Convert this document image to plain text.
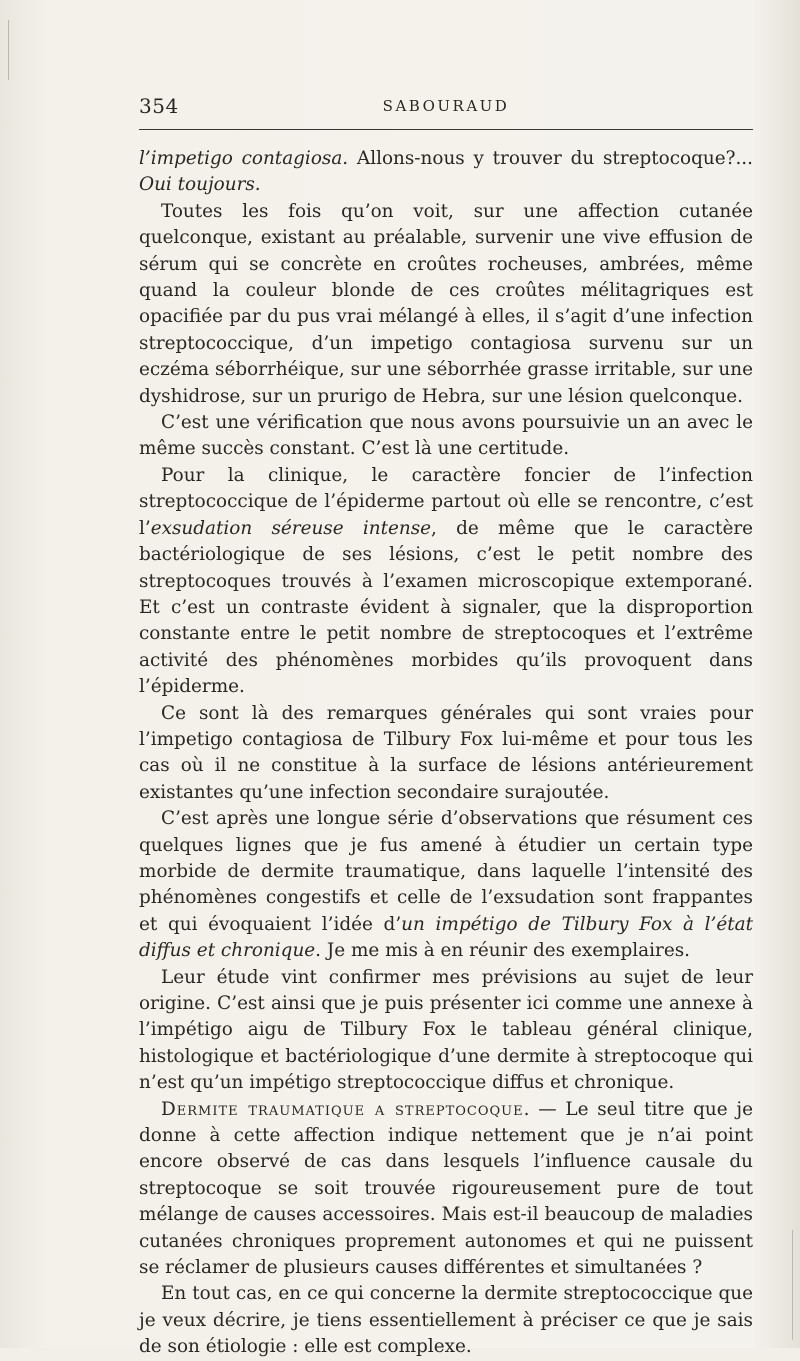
354	SABOURAUD

l’impetigo contagiosa. Allons-nous y trouver du streptocoque?... Oui toujours.

Toutes les fois qu’on voit, sur une affection cutanée quelconque, existant au préalable, survenir une vive effusion de sérum qui se concrète en croûtes rocheuses, ambrées, même quand la couleur blonde de ces croûtes mélitagriques est opacifiée par du pus vrai mélangé à elles, il s’agit d’une infection streptococcique, d’un impetigo contagiosa survenu sur un eczéma séborrhéique, sur une séborrhée grasse irritable, sur une dyshidrose, sur un prurigo de Hebra, sur une lésion quelconque.

C’est une vérification que nous avons poursuivie un an avec le même succès constant. C’est là une certitude.

Pour la clinique, le caractère foncier de l’infection streptococcique de l’épiderme partout où elle se rencontre, c’est l’exsudation séreuse intense, de même que le caractère bactériologique de ses lésions, c’est le petit nombre des streptocoques trouvés à l’examen microscopique extemporané. Et c’est un contraste évident à signaler, que la disproportion constante entre le petit nombre de streptocoques et l’extrême activité des phénomènes morbides qu’ils provoquent dans l’épiderme.

Ce sont là des remarques générales qui sont vraies pour l’impetigo contagiosa de Tilbury Fox lui-même et pour tous les cas où il ne constitue à la surface de lésions antérieurement existantes qu’une infection secondaire surajoutée.

C’est après une longue série d’observations que résument ces quelques lignes que je fus amené à étudier un certain type morbide de dermite traumatique, dans laquelle l’intensité des phénomènes congestifs et celle de l’exsudation sont frappantes et qui évoquaient l’idée d’un impétigo de Tilbury Fox à l’état diffus et chronique. Je me mis à en réunir des exemplaires.

Leur étude vint confirmer mes prévisions au sujet de leur origine. C’est ainsi que je puis présenter ici comme une annexe à l’impétigo aigu de Tilbury Fox le tableau général clinique, histologique et bactériologique d’une dermite à streptocoque qui n’est qu’un impétigo streptococcique diffus et chronique.

Dermite traumatique a streptocoque. — Le seul titre que je donne à cette affection indique nettement que je n’ai point encore observé de cas dans lesquels l’influence causale du streptocoque se soit trouvée rigoureusement pure de tout mélange de causes accessoires. Mais est-il beaucoup de maladies cutanées chroniques proprement autonomes et qui ne puissent se réclamer de plusieurs causes différentes et simultanées ?

En tout cas, en ce qui concerne la dermite streptococcique que je veux décrire, je tiens essentiellement à préciser ce que je sais de son étiologie : elle est complexe.
